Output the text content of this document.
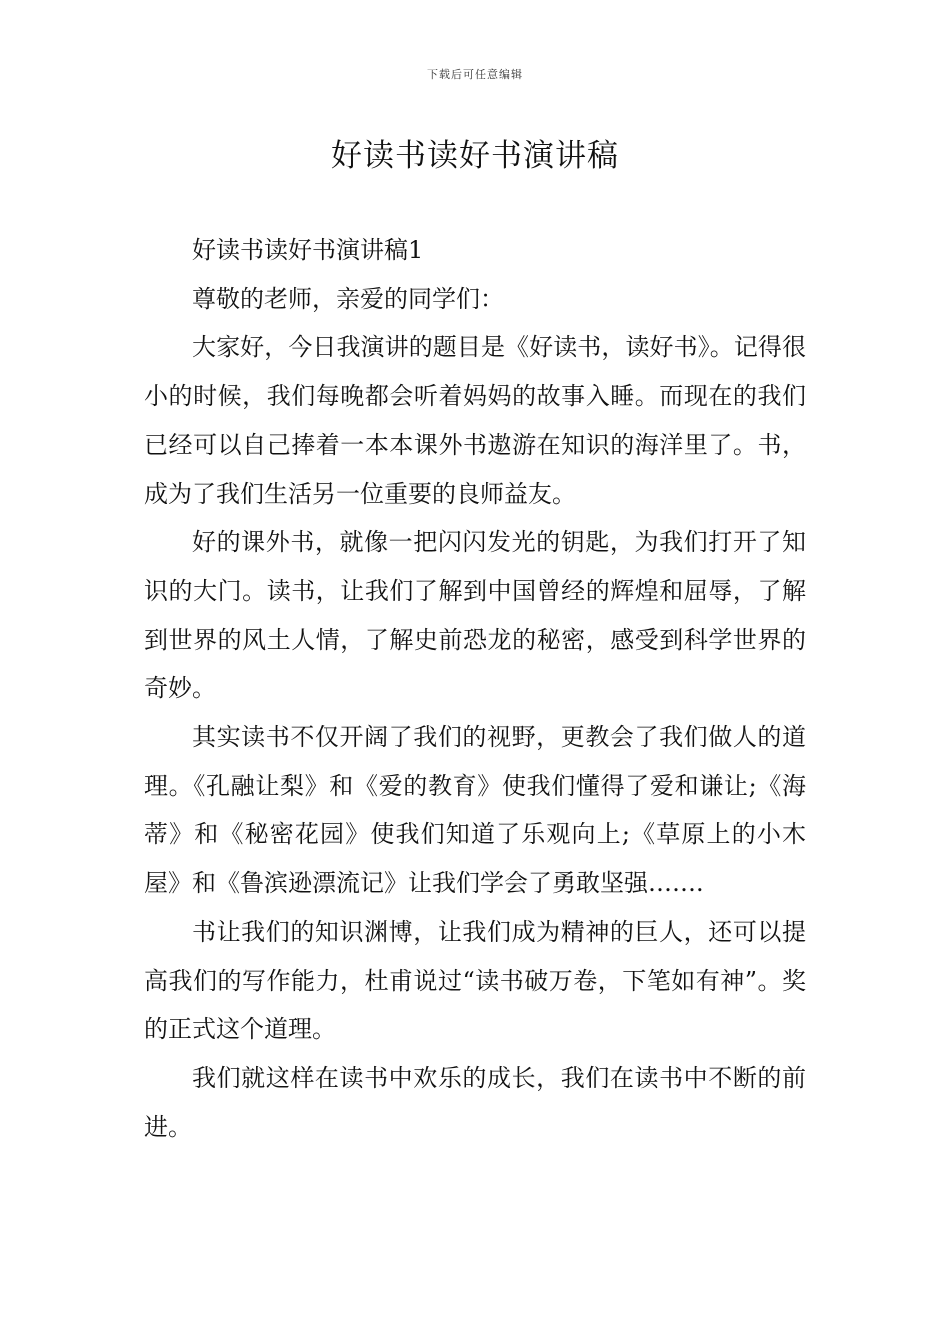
下载后可任意编辑
好读书读好书演讲稿

好读书读好书演讲稿1

尊敬的老师，亲爱的同学们：

大家好，今日我演讲的题目是《好读书，读好书》。记得很小的时候，我们每晚都会听着妈妈的故事入睡。而现在的我们已经可以自己捧着一本本课外书遨游在知识的海洋里了。书，成为了我们生活另一位重要的良师益友。

好的课外书，就像一把闪闪发光的钥匙，为我们打开了知识的大门。读书，让我们了解到中国曾经的辉煌和屈辱，了解到世界的风土人情，了解史前恐龙的秘密，感受到科学世界的奇妙。

其实读书不仅开阔了我们的视野，更教会了我们做人的道理。《孔融让梨》和《爱的教育》使我们懂得了爱和谦让;《海蒂》和《秘密花园》使我们知道了乐观向上;《草原上的小木屋》和《鲁滨逊漂流记》让我们学会了勇敢坚强…….

书让我们的知识渊博，让我们成为精神的巨人，还可以提高我们的写作能力，杜甫说过“读书破万卷，下笔如有神”。奖的正式这个道理。

我们就这样在读书中欢乐的成长，我们在读书中不断的前进。
